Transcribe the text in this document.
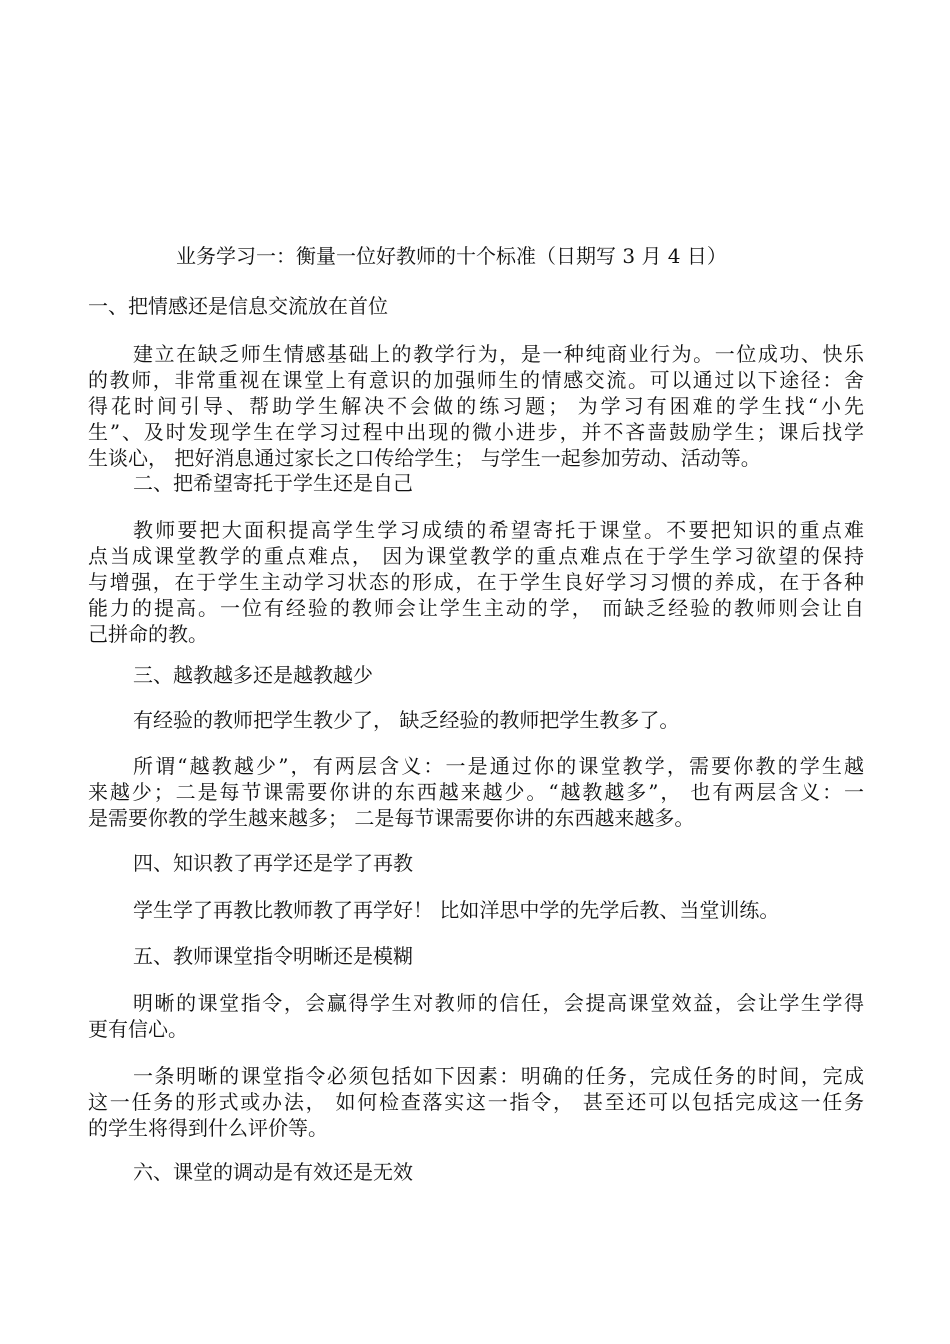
业务学习一：衡量一位好教师的十个标准（日期写 3 月 4 日）
一、把情感还是信息交流放在首位
建立在缺乏师生情感基础上的教学行为，是一种纯商业行为。一位成功、快乐
的教师，非常重视在课堂上有意识的加强师生的情感交流。可以通过以下途径：舍
得花时间引导、帮助学生解决不会做的练习题； 为学习有困难的学生找“小先
生”、及时发现学生在学习过程中出现的微小进步，并不吝啬鼓励学生；课后找学
生谈心， 把好消息通过家长之口传给学生； 与学生一起参加劳动、活动等。
二、把希望寄托于学生还是自己
教师要把大面积提高学生学习成绩的希望寄托于课堂。不要把知识的重点难
点当成课堂教学的重点难点， 因为课堂教学的重点难点在于学生学习欲望的保持
与增强，在于学生主动学习状态的形成，在于学生良好学习习惯的养成，在于各种
能力的提高。一位有经验的教师会让学生主动的学， 而缺乏经验的教师则会让自
己拼命的教。
三、越教越多还是越教越少
有经验的教师把学生教少了， 缺乏经验的教师把学生教多了。
所谓“越教越少”，有两层含义：一是通过你的课堂教学，需要你教的学生越
来越少；二是每节课需要你讲的东西越来越少。“越教越多”， 也有两层含义：一
是需要你教的学生越来越多； 二是每节课需要你讲的东西越来越多。
四、知识教了再学还是学了再教
学生学了再教比教师教了再学好！ 比如洋思中学的先学后教、当堂训练。
五、教师课堂指令明晰还是模糊
明晰的课堂指令，会赢得学生对教师的信任，会提高课堂效益，会让学生学得
更有信心。
一条明晰的课堂指令必须包括如下因素：明确的任务，完成任务的时间，完成
这一任务的形式或办法， 如何检查落实这一指令， 甚至还可以包括完成这一任务
的学生将得到什么评价等。
六、课堂的调动是有效还是无效
